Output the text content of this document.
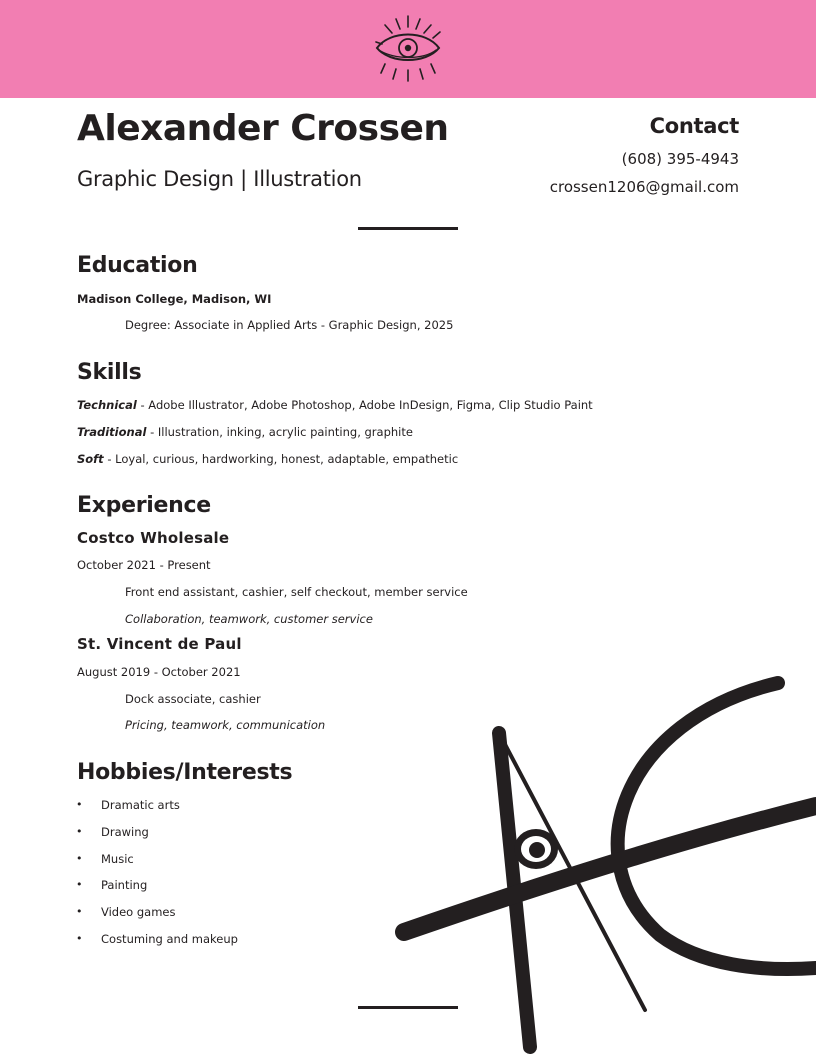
Alexander Crossen

Graphic Design | Illustration

Contact
(608) 395-4943
crossen1206@gmail.com
Education
Madison College, Madison, WI
Degree: Associate in Applied Arts - Graphic Design, 2025
Skills
Technical - Adobe Illustrator, Adobe Photoshop, Adobe InDesign, Figma, Clip Studio Paint
Traditional - Illustration, inking, acrylic painting, graphite
Soft - Loyal, curious, hardworking, honest, adaptable, empathetic
Experience
Costco Wholesale
October 2021 - Present
Front end assistant, cashier, self checkout, member service
Collaboration, teamwork, customer service
St. Vincent de Paul
August 2019 - October 2021
Dock associate, cashier
Pricing, teamwork, communication
Hobbies/Interests
• Dramatic arts
• Drawing
• Music
• Painting
• Video games
• Costuming and makeup
